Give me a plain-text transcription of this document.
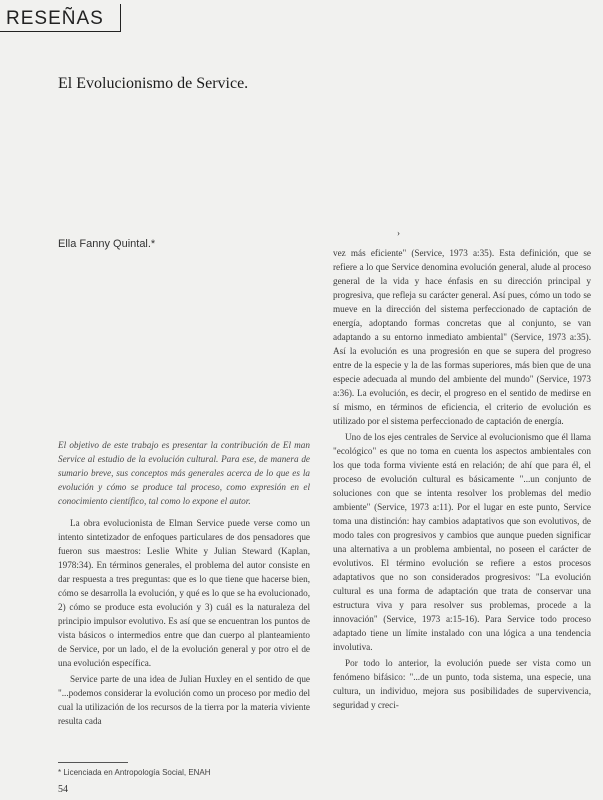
RESEÑAS
El Evolucionismo de Service.
Ella Fanny Quintal.*
›

El objetivo de este trabajo es presentar la contribución de El man Service al estudio de la evolución cultural. Para ese, de manera de sumario breve, sus conceptos más generales acerca de lo que es la evolución y cómo se produce tal proceso, como expresión en el conocimiento científico, tal como lo expone el autor.

La obra evolucionista de Elman Service puede verse como un intento sintetizador de enfoques particulares de dos pensadores que fueron sus maestros: Leslie White y Julian Steward (Kaplan, 1978:34). En términos generales, el problema del autor consiste en dar respuesta a tres preguntas: que es lo que tiene que hacerse bien, cómo se desarrolla la evolución, y qué es lo que se ha evolucionado, 2) cómo se produce esta evolución y 3) cuál es la naturaleza del principio impulsor evolutivo. Es así que se encuentran los puntos de vista básicos o intermedios entre que dan cuerpo al planteamiento de Service, por un lado, el de la evolución general y por otro el de una evolución específica.

Service parte de una idea de Julian Huxley en el sentido de que "...podemos considerar la evolución como un proceso por medio del cual la utilización de los recursos de la tierra por la materia viviente resulta cada

vez más eficiente" (Service, 1973 a:35). Esta definición, que se refiere a lo que Service denomina evolución general, alude al proceso general de la vida y hace énfasis en su dirección principal y progresiva, que refleja su carácter general. Así pues, cómo un todo se mueve en la dirección del sistema perfeccionado de captación de energía, adoptando formas concretas que al conjunto, se van adaptando a su entorno inmediato ambiental" (Service, 1973 a:35). Así la evolución es una progresión en que se supera del progreso entre de la especie y la de las formas superiores, más bien que de una especie adecuada al mundo del ambiente del mundo" (Service, 1973 a:36). La evolución, es decir, el progreso en el sentido de medirse en sí mismo, en términos de eficiencia, el criterio de evolución es utilizado por el sistema perfeccionado de captación de energía.

Uno de los ejes centrales de Service al evolucionismo que él llama "ecológico" es que no toma en cuenta los aspectos ambientales con los que toda forma viviente está en relación; de ahí que para él, el proceso de evolución cultural es básicamente "...un conjunto de soluciones con que se intenta resolver los problemas del medio ambiente" (Service, 1973 a:11). Por el lugar en este punto, Service toma una distinción: hay cambios adaptativos que son evolutivos, de modo tales con progresivos y cambios que aunque pueden significar una alternativa a un problema ambiental, no poseen el carácter de evolutivos. El término evolución se refiere a estos procesos adaptativos que no son considerados progresivos: "La evolución cultural es una forma de adaptación que trata de conservar una estructura viva y para resolver sus problemas, procede a la innovación" (Service, 1973 a:15-16). Para Service todo proceso adaptado tiene un límite instalado con una lógica a una tendencia involutiva.

Por todo lo anterior, la evolución puede ser vista como un fenómeno bifásico: "...de un punto, toda sistema, una especie, una cultura, un individuo, mejora sus posibilidades de supervivencia, seguridad y creci-

* Licenciada en Antropología Social, ENAH
54
